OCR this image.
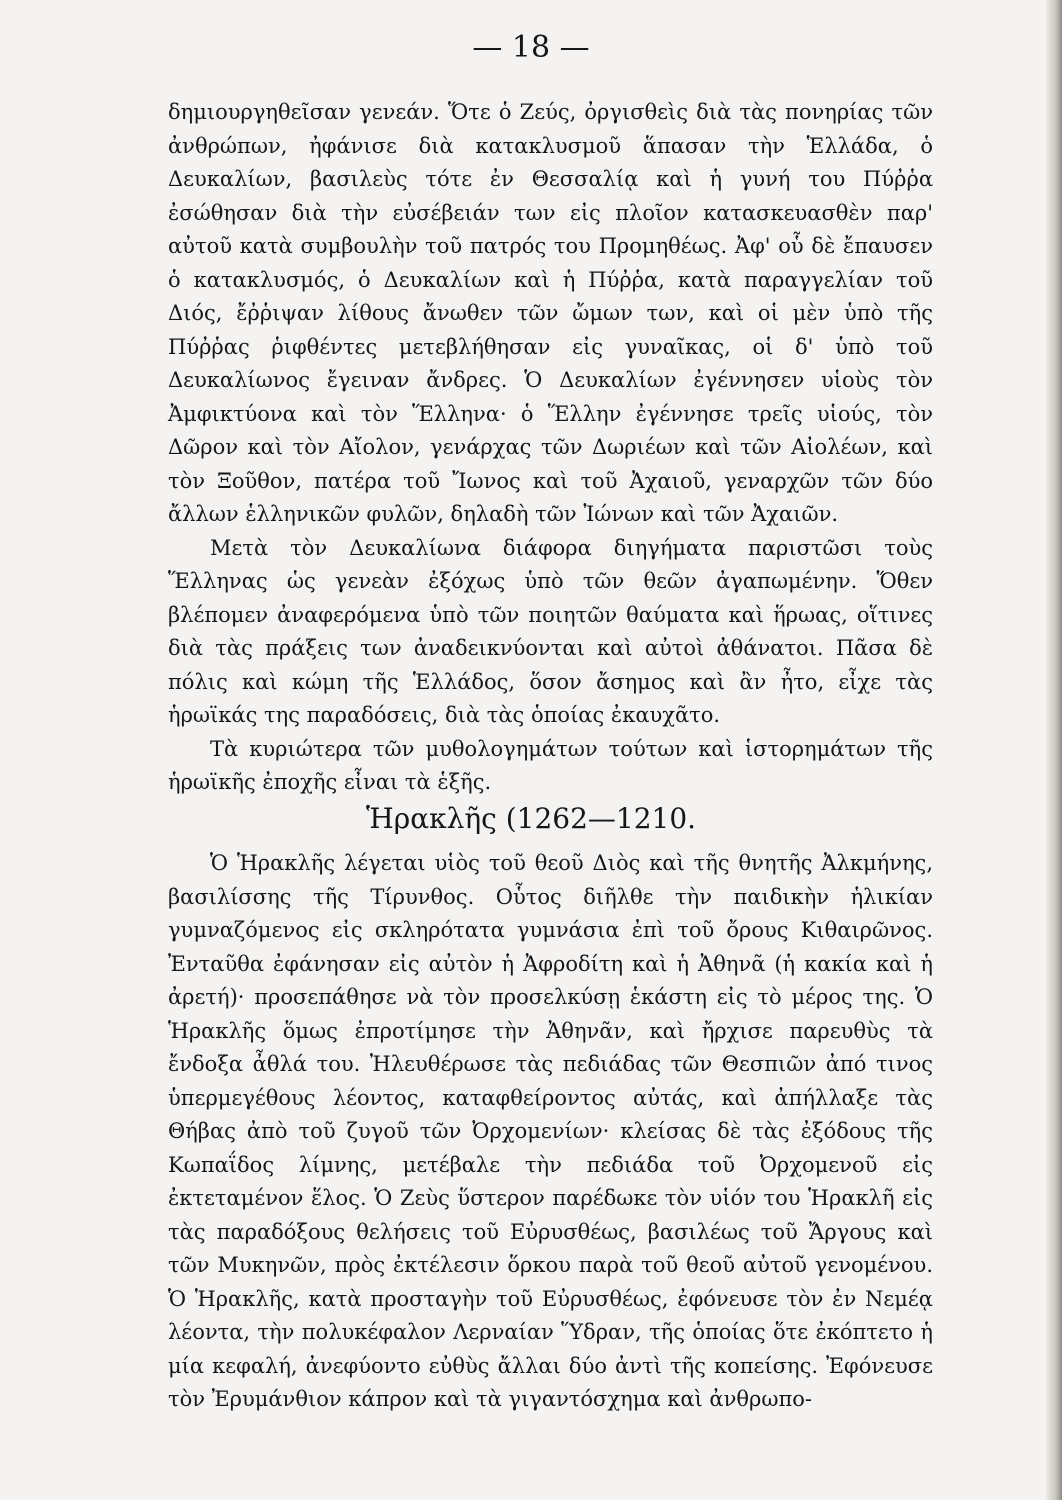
— 18 —

δημιουργηθεῖσαν γενεάν. Ὅτε ὁ Ζεύς, ὀργισθεὶς διὰ τὰς πονηρίας τῶν ἀνθρώπων, ἠφάνισε διὰ κατακλυσμοῦ ἅπασαν τὴν Ἑλλάδα, ὁ Δευκαλίων, βασιλεὺς τότε ἐν Θεσσαλίᾳ καὶ ἡ γυνή του Πύῤῥα ἐσώθησαν διὰ τὴν εὐσέβειάν των εἰς πλοῖον κατασκευασθὲν παρ' αὐτοῦ κατὰ συμβουλὴν τοῦ πατρός του Προμηθέως. Ἀφ' οὗ δὲ ἔπαυσεν ὁ κατακλυσμός, ὁ Δευκαλίων καὶ ἡ Πύῤῥα, κατὰ παραγγελίαν τοῦ Διός, ἔῤῥιψαν λίθους ἄνωθεν τῶν ὤμων των, καὶ οἱ μὲν ὑπὸ τῆς Πύῤῥας ῥιφθέντες μετεβλήθησαν εἰς γυναῖκας, οἱ δ' ὑπὸ τοῦ Δευκαλίωνος ἔγειναν ἄνδρες. Ὁ Δευκαλίων ἐγέννησεν υἱοὺς τὸν Ἀμφικτύονα καὶ τὸν Ἕλληνα· ὁ Ἕλλην ἐγέννησε τρεῖς υἱούς, τὸν Δῶρον καὶ τὸν Αἴολον, γενάρχας τῶν Δωριέων καὶ τῶν Αἰολέων, καὶ τὸν Ξοῦθον, πατέρα τοῦ Ἴωνος καὶ τοῦ Ἀχαιοῦ, γεναρχῶν τῶν δύο ἄλλων ἑλληνικῶν φυλῶν, δηλαδὴ τῶν Ἰώνων καὶ τῶν Ἀχαιῶν.

Μετὰ τὸν Δευκαλίωνα διάφορα διηγήματα παριστῶσι τοὺς Ἕλληνας ὡς γενεὰν ἐξόχως ὑπὸ τῶν θεῶν ἀγαπωμένην. Ὅθεν βλέπομεν ἀναφερόμενα ὑπὸ τῶν ποιητῶν θαύματα καὶ ἥρωας, οἵτινες διὰ τὰς πράξεις των ἀναδεικνύονται καὶ αὐτοὶ ἀθάνατοι. Πᾶσα δὲ πόλις καὶ κώμη τῆς Ἑλλάδος, ὅσον ἄσημος καὶ ἂν ἦτο, εἶχε τὰς ἡρωϊκάς της παραδόσεις, διὰ τὰς ὁποίας ἐκαυχᾶτο.

Τὰ κυριώτερα τῶν μυθολογημάτων τούτων καὶ ἱστορημάτων τῆς ἡρωϊκῆς ἐποχῆς εἶναι τὰ ἑξῆς.

Ἡρακλῆς (1262—1210.

Ὁ Ἡρακλῆς λέγεται υἱὸς τοῦ θεοῦ Διὸς καὶ τῆς θνητῆς Ἀλκμήνης, βασιλίσσης τῆς Τίρυνθος. Οὗτος διῆλθε τὴν παιδικὴν ἡλικίαν γυμναζόμενος εἰς σκληρότατα γυμνάσια ἐπὶ τοῦ ὄρους Κιθαιρῶνος. Ἐνταῦθα ἐφάνησαν εἰς αὐτὸν ἡ Ἀφροδίτη καὶ ἡ Ἀθηνᾶ (ἡ κακία καὶ ἡ ἀρετή)· προσεπάθησε νὰ τὸν προσελκύσῃ ἑκάστη εἰς τὸ μέρος της. Ὁ Ἡρακλῆς ὅμως ἐπροτίμησε τὴν Ἀθηνᾶν, καὶ ἤρχισε παρευθὺς τὰ ἔνδοξα ἆθλά του. Ἠλευθέρωσε τὰς πεδιάδας τῶν Θεσπιῶν ἀπό τινος ὑπερμεγέθους λέοντος, καταφθείροντος αὐτάς, καὶ ἀπήλλαξε τὰς Θήβας ἀπὸ τοῦ ζυγοῦ τῶν Ὀρχομενίων· κλείσας δὲ τὰς ἐξόδους τῆς Κωπαΐδος λίμνης, μετέβαλε τὴν πεδιάδα τοῦ Ὀρχομενοῦ εἰς ἐκτεταμένον ἕλος. Ὁ Ζεὺς ὕστερον παρέδωκε τὸν υἱόν του Ἡρακλῆ εἰς τὰς παραδόξους θελήσεις τοῦ Εὐρυσθέως, βασιλέως τοῦ Ἄργους καὶ τῶν Μυκηνῶν, πρὸς ἐκτέλεσιν ὅρκου παρὰ τοῦ θεοῦ αὐτοῦ γενομένου. Ὁ Ἡρακλῆς, κατὰ προσταγὴν τοῦ Εὐρυσθέως, ἐφόνευσε τὸν ἐν Νεμέᾳ λέοντα, τὴν πολυκέφαλον Λερναίαν Ὕδραν, τῆς ὁποίας ὅτε ἐκόπτετο ἡ μία κεφαλή, ἀνεφύοντο εὐθὺς ἄλλαι δύο ἀντὶ τῆς κοπείσης. Ἐφόνευσε τὸν Ἐρυμάνθιον κάπρον καὶ τὰ γιγαντόσχημα καὶ ἀνθρωπο-
